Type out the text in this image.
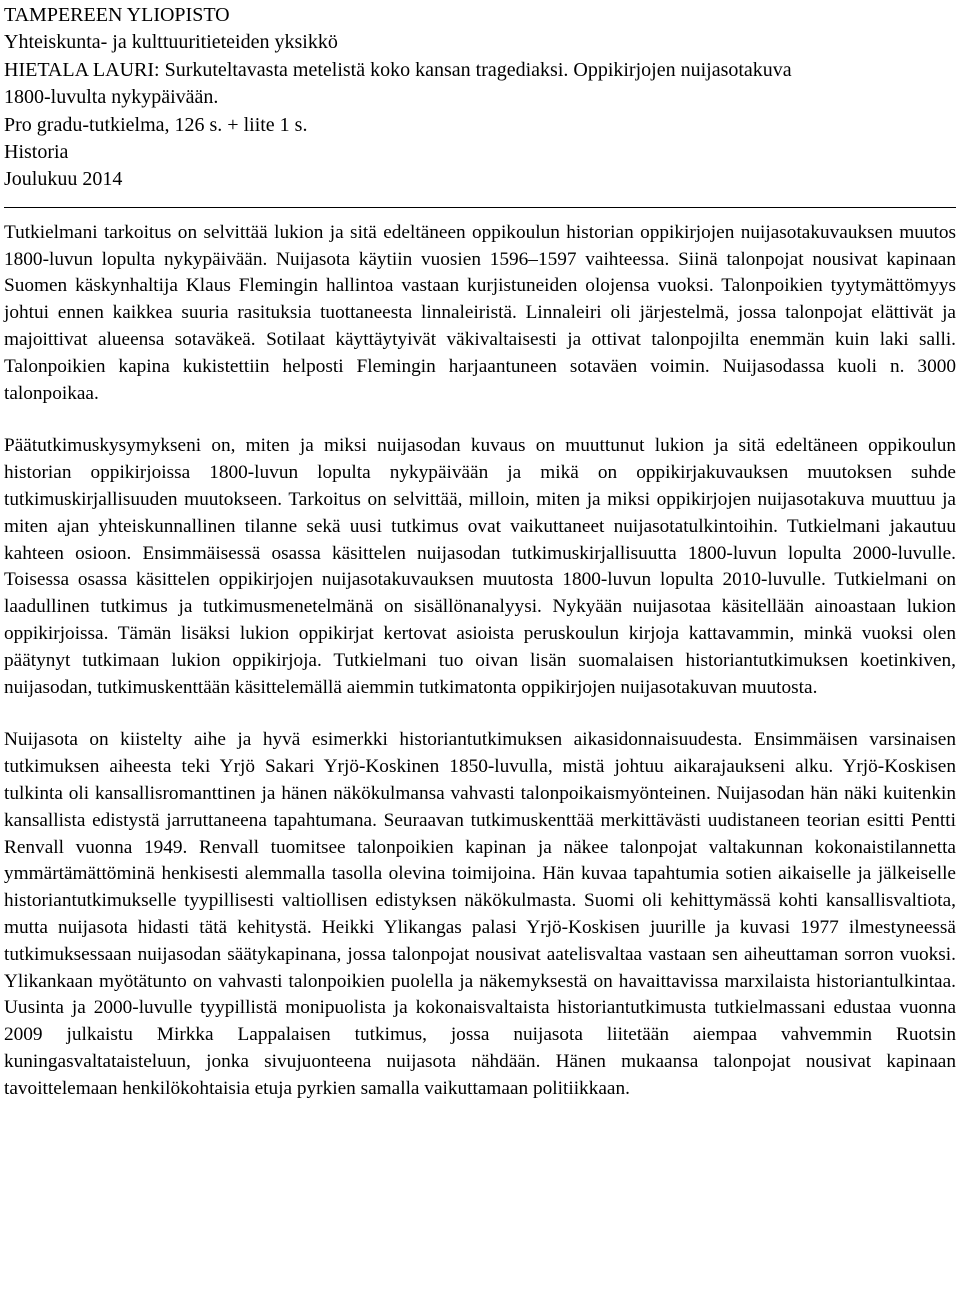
TAMPEREEN YLIOPISTO
Yhteiskunta- ja kulttuuritieteiden yksikkö
HIETALA LAURI: Surkuteltavasta metelistä koko kansan tragediaksi. Oppikirjojen nuijasotakuva
1800-luvulta nykypäivään.
Pro gradu-tutkielma, 126 s. + liite 1 s.
Historia
Joulukuu 2014

Tutkielmani tarkoitus on selvittää lukion ja sitä edeltäneen oppikoulun historian oppikirjojen nuijasotakuvauksen muutos 1800-luvun lopulta nykypäivään. Nuijasota käytiin vuosien 1596–1597 vaihteessa. Siinä talonpojat nousivat kapinaan Suomen käskynhaltija Klaus Flemingin hallintoa vastaan kurjistuneiden olojensa vuoksi. Talonpoikien tyytymättömyys johtui ennen kaikkea suuria rasituksia tuottaneesta linnaleiristä. Linnaleiri oli järjestelmä, jossa talonpojat elättivät ja majoittivat alueensa sotaväkeä. Sotilaat käyttäytyivät väkivaltaisesti ja ottivat talonpojilta enemmän kuin laki salli. Talonpoikien kapina kukistettiin helposti Flemingin harjaantuneen sotaväen voimin. Nuijasodassa kuoli n. 3000 talonpoikaa.

Päätutkimuskysymykseni on, miten ja miksi nuijasodan kuvaus on muuttunut lukion ja sitä edeltäneen oppikoulun historian oppikirjoissa 1800-luvun lopulta nykypäivään ja mikä on oppikirjakuvauksen muutoksen suhde tutkimuskirjallisuuden muutokseen. Tarkoitus on selvittää, milloin, miten ja miksi oppikirjojen nuijasotakuva muuttuu ja miten ajan yhteiskunnallinen tilanne sekä uusi tutkimus ovat vaikuttaneet nuijasotatulkintoihin. Tutkielmani jakautuu kahteen osioon. Ensimmäisessä osassa käsittelen nuijasodan tutkimuskirjallisuutta 1800-luvun lopulta 2000-luvulle. Toisessa osassa käsittelen oppikirjojen nuijasotakuvauksen muutosta 1800-luvun lopulta 2010-luvulle. Tutkielmani on laadullinen tutkimus ja tutkimusmenetelmänä on sisällönanalyysi. Nykyään nuijasotaa käsitellään ainoastaan lukion oppikirjoissa. Tämän lisäksi lukion oppikirjat kertovat asioista peruskoulun kirjoja kattavammin, minkä vuoksi olen päätynyt tutkimaan lukion oppikirjoja. Tutkielmani tuo oivan lisän suomalaisen historiantutkimuksen koetinkiven, nuijasodan, tutkimuskenttään käsittelemällä aiemmin tutkimatonta oppikirjojen nuijasotakuvan muutosta.

Nuijasota on kiistelty aihe ja hyvä esimerkki historiantutkimuksen aikasidonnaisuudesta. Ensimmäisen varsinaisen tutkimuksen aiheesta teki Yrjö Sakari Yrjö-Koskinen 1850-luvulla, mistä johtuu aikarajaukseni alku. Yrjö-Koskisen tulkinta oli kansallisromanttinen ja hänen näkökulmansa vahvasti talonpoikaismyönteinen. Nuijasodan hän näki kuitenkin kansallista edistystä jarruttaneena tapahtumana. Seuraavan tutkimuskenttää merkittävästi uudistaneen teorian esitti Pentti Renvall vuonna 1949. Renvall tuomitsee talonpoikien kapinan ja näkee talonpojat valtakunnan kokonaistilannetta ymmärtämättöminä henkisesti alemmalla tasolla olevina toimijoina. Hän kuvaa tapahtumia sotien aikaiselle ja jälkeiselle historiantutkimukselle tyypillisesti valtiollisen edistyksen näkökulmasta. Suomi oli kehittymässä kohti kansallisvaltiota, mutta nuijasota hidasti tätä kehitystä. Heikki Ylikangas palasi Yrjö-Koskisen juurille ja kuvasi 1977 ilmestyneessä tutkimuksessaan nuijasodan säätykapinana, jossa talonpojat nousivat aatelisvaltaa vastaan sen aiheuttaman sorron vuoksi. Ylikankaan myötätunto on vahvasti talonpoikien puolella ja näkemyksestä on havaittavissa marxilaista historiantulkintaa. Uusinta ja 2000-luvulle tyypillistä monipuolista ja kokonaisvaltaista historiantutkimusta tutkielmassani edustaa vuonna 2009 julkaistu Mirkka Lappalaisen tutkimus, jossa nuijasota liitetään aiempaa vahvemmin Ruotsin kuningasvaltataisteluun, jonka sivujuonteena nuijasota nähdään. Hänen mukaansa talonpojat nousivat kapinaan tavoittelemaan henkilökohtaisia etuja pyrkien samalla vaikuttamaan politiikkaan.
